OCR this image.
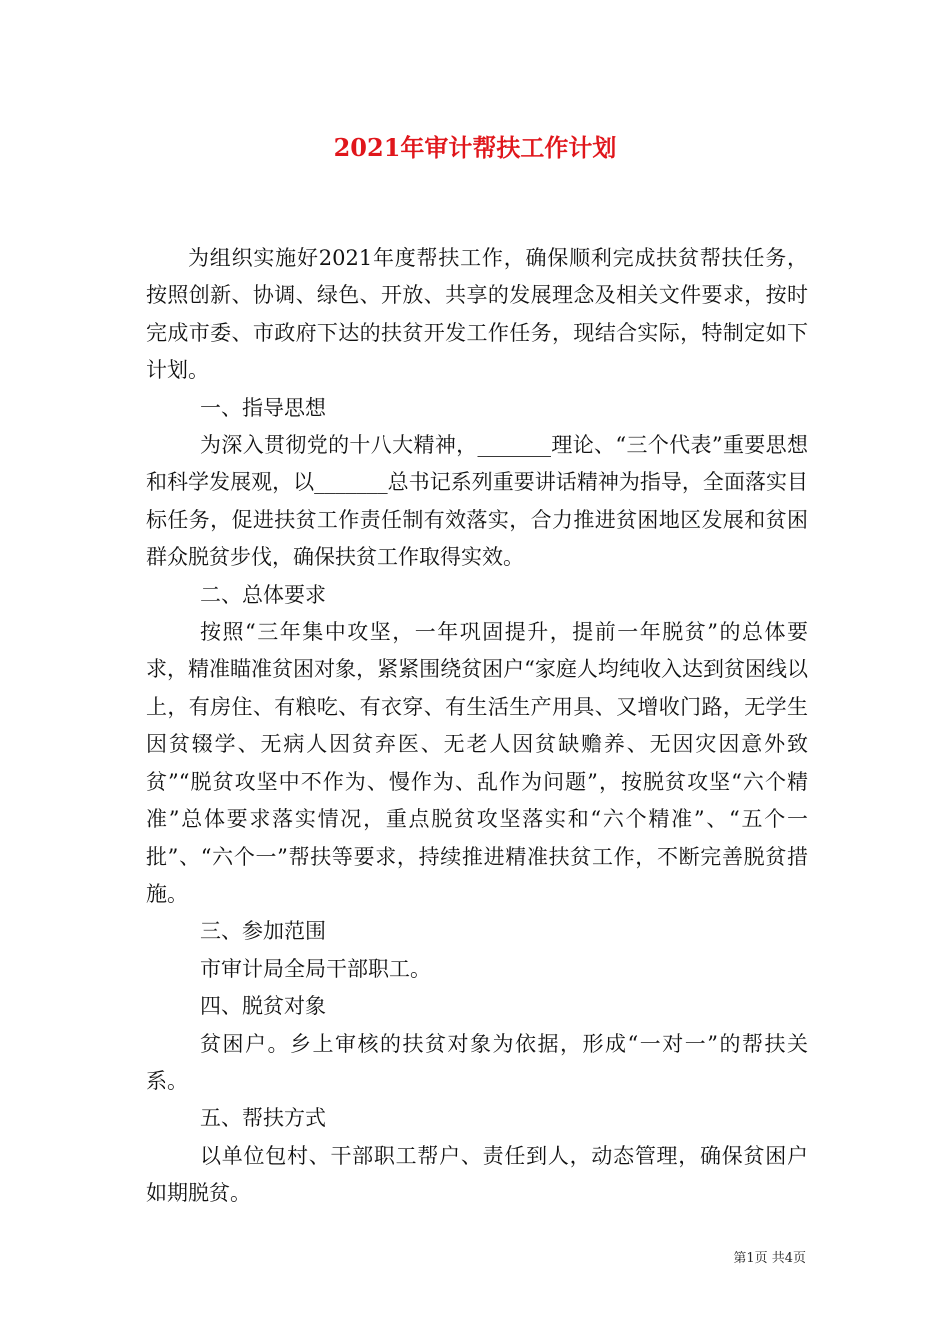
2021年审计帮扶工作计划

为组织实施好2021年度帮扶工作，确保顺利完成扶贫帮扶任务，按照创新、协调、绿色、开放、共享的发展理念及相关文件要求，按时完成市委、市政府下达的扶贫开发工作任务，现结合实际，特制定如下计划。

一、指导思想

为深入贯彻党的十八大精神，_______理论、“三个代表”重要思想和科学发展观，以_______总书记系列重要讲话精神为指导，全面落实目标任务，促进扶贫工作责任制有效落实，合力推进贫困地区发展和贫困群众脱贫步伐，确保扶贫工作取得实效。

二、总体要求

按照“三年集中攻坚，一年巩固提升，提前一年脱贫”的总体要求，精准瞄准贫困对象，紧紧围绕贫困户“家庭人均纯收入达到贫困线以上，有房住、有粮吃、有衣穿、有生活生产用具、又增收门路，无学生因贫辍学、无病人因贫弃医、无老人因贫缺赡养、无因灾因意外致贫”“脱贫攻坚中不作为、慢作为、乱作为问题”，按脱贫攻坚“六个精准”总体要求落实情况，重点脱贫攻坚落实和“六个精准”、“五个一批”、“六个一”帮扶等要求，持续推进精准扶贫工作，不断完善脱贫措施。

三、参加范围

市审计局全局干部职工。

四、脱贫对象

贫困户。乡上审核的扶贫对象为依据，形成“一对一”的帮扶关系。

五、帮扶方式

以单位包村、干部职工帮户、责任到人，动态管理，确保贫困户如期脱贫。

第1页 共4页
